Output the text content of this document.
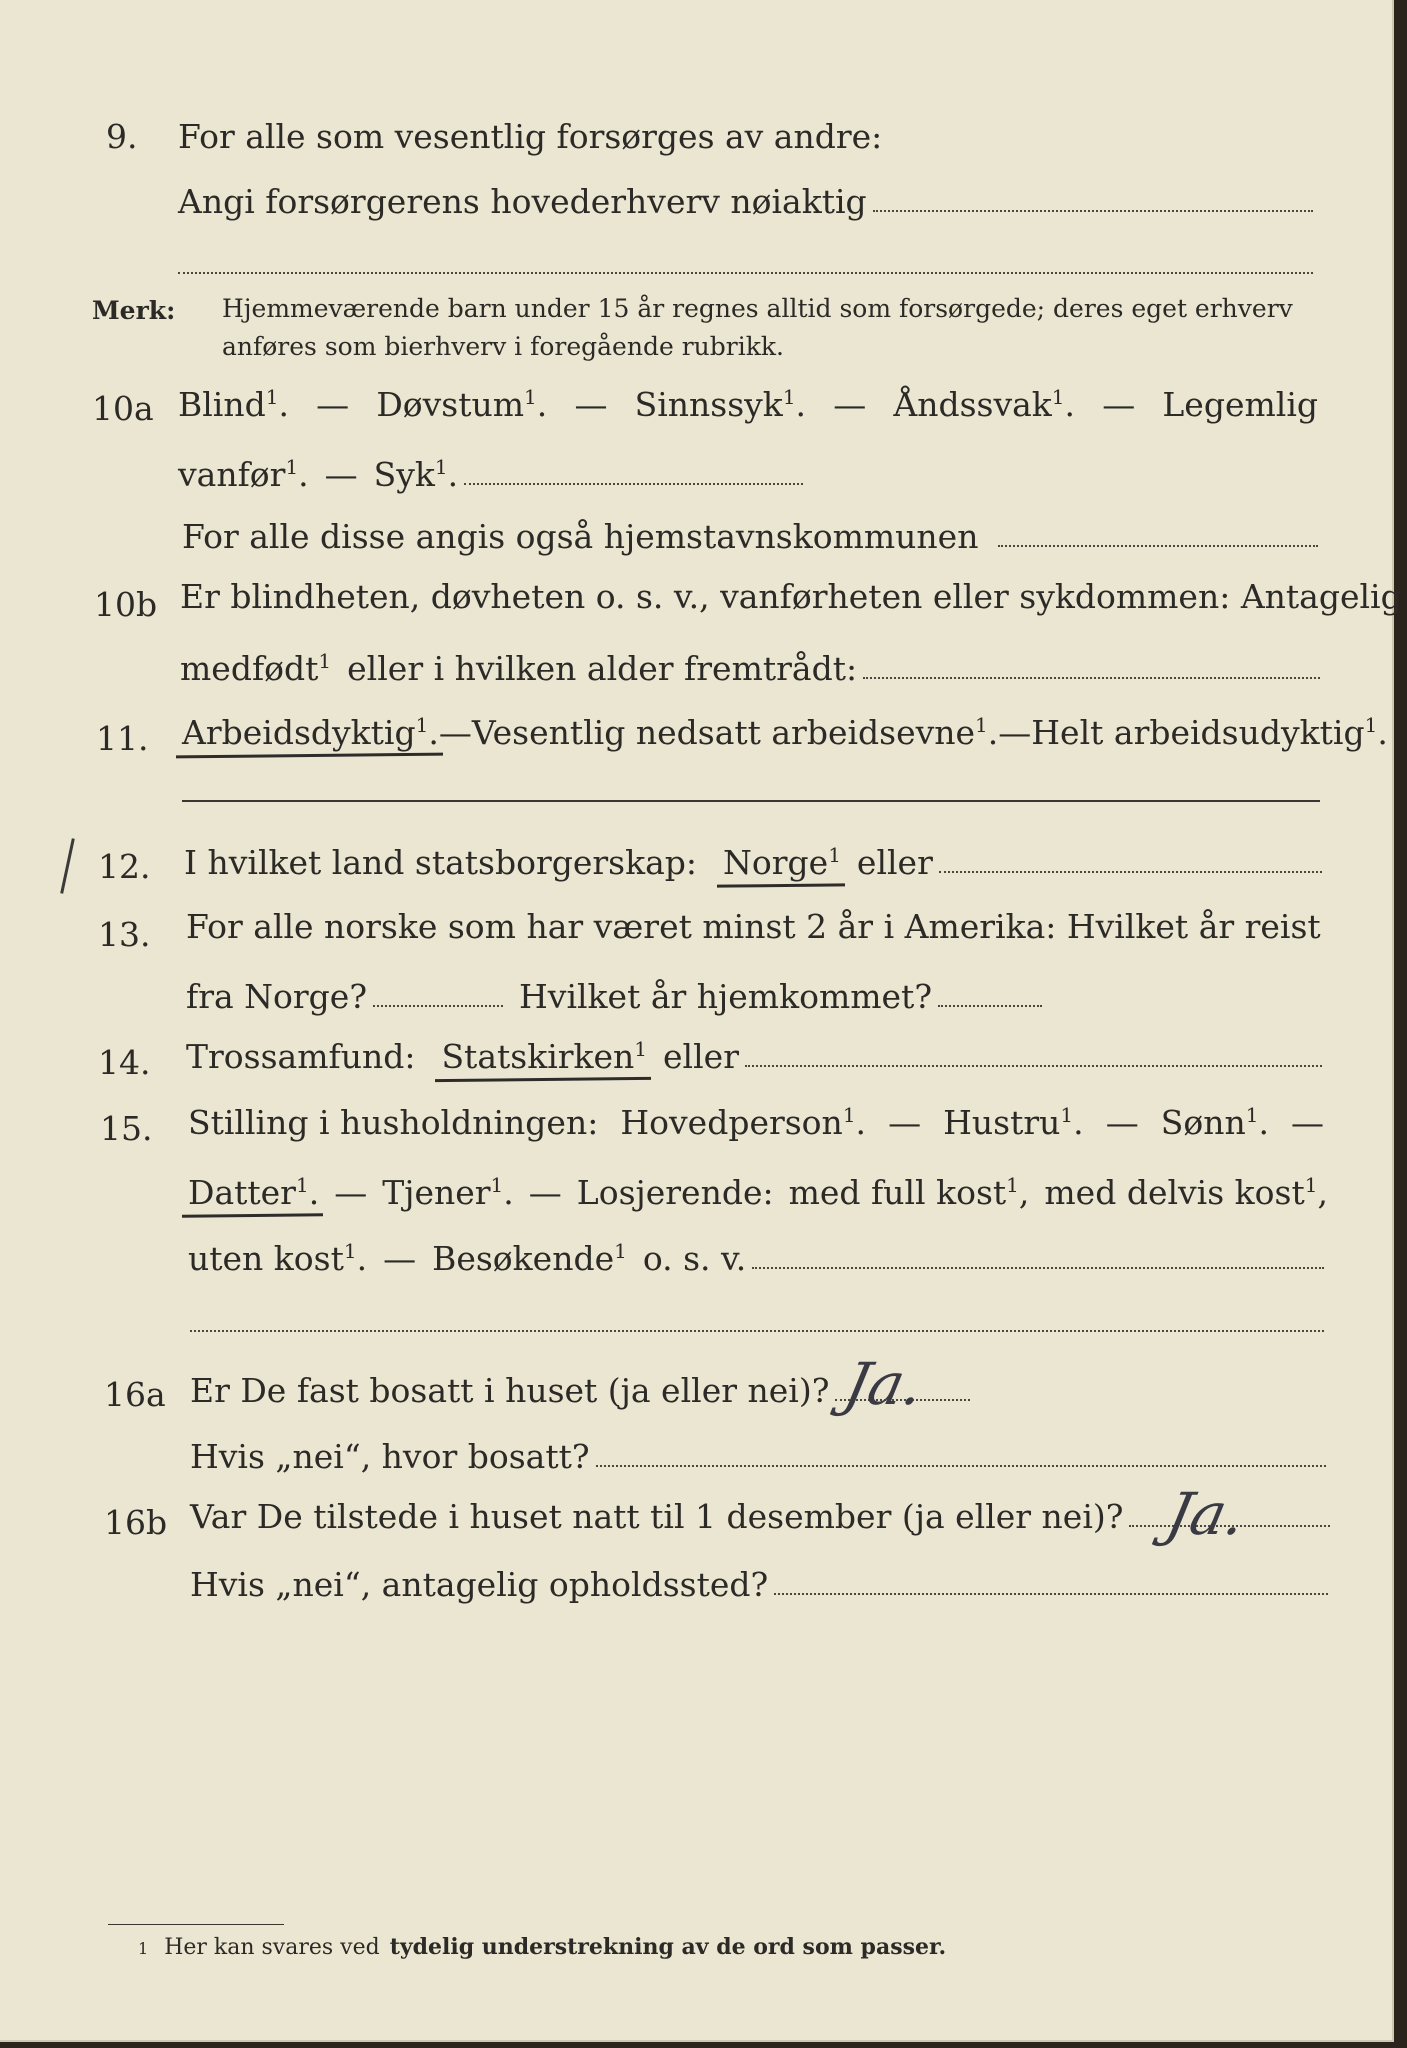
9. For alle som vesentlig forsørges av andre:
Angi forsørgerens hovederhverv nøiaktig
Merk: Hjemmeværende barn under 15 år regnes alltid som forsørgede; deres eget erhverv
anføres som bierhverv i foregående rubrikk.
10a Blind$^1$. — Døvstum$^1$. — Sinnssyk$^1$. — Åndssvak$^1$. — Legemlig
vanfør$^1$. — Syk$^1$.
For alle disse angis også hjemstavnskommunen
10b Er blindheten, døvheten o. s. v., vanførheten eller sykdommen: Antagelig
medfødt$^1$ eller i hvilken alder fremtrådt:
11. Arbeidsdyktig$^1$. — Vesentlig nedsatt arbeidsevne$^1$. — Helt arbeidsudyktig$^1$.
12. I hvilket land statsborgerskap: Norge$^1$ eller
13. For alle norske som har været minst 2 år i Amerika: Hvilket år reist
fra Norge?	Hvilket år hjemkommet?
14. Trossamfund: Statskirken$^1$ eller
15. Stilling i husholdningen: Hovedperson$^1$. — Hustru$^1$. — Sønn$^1$. —
Datter$^1$. — Tjener$^1$. — Losjerende: med full kost$^1$, med delvis kost$^1$,
uten kost$^1$. — Besøkende$^1$ o. s. v.
16a Er De fast bosatt i huset (ja eller nei)? Ja.
Hvis „nei“, hvor bosatt?
16b Var De tilstede i huset natt til 1 desember (ja eller nei)? Ja.
Hvis „nei“, antagelig opholdssted?
1 Her kan svares ved tydelig understrekning av de ord som passer.
